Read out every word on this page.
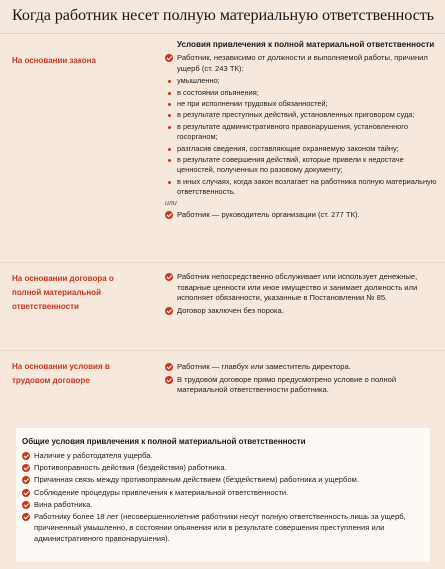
Когда работник несет полную материальную ответственность
Условия привлечения к полной материальной ответственности
На основании закона	Работник, независимо от должности и выполняемой работы, причинил ущерб (ст. 243 ТК):
умышленно;
в состоянии опьянения;
не при исполнении трудовых обязанностей;
в результате преступных действий, установленных приговором суда;
в результате административного правонарушения, установленного госорганом;
разгласив сведения, составляющие охраняемую законом тайну;
в результате совершения действий, которые привели к недостаче ценностей, полученных по разовому документу;
в иных случаях, когда закон возлагает на работника полную материальную ответственность.
или
Работник — руководитель организации (ст. 277 ТК).
На основании договора о полной материальной ответственности
Работник непосредственно обслуживает или использует денежные, товарные ценности или иное имущество и занимает должность или исполняет обязанности, указанные в Постановлении № 85.
Договор заключен без порока.
На основании условия в трудовом договоре
Работник — главбух или заместитель директора.
В трудовом договоре прямо предусмотрено условие о полной материальной ответственности работника.
Общие условия привлечения к полной материальной ответственности
Наличие у работодателя ущерба.
Противоправность действия (бездействия) работника.
Причинная связь между противоправным действием (бездействием) работника и ущербом.
Соблюдение процедуры привлечения к материальной ответственности.
Вина работника.
Работнику более 18 лет (несовершеннолетние работники несут полную ответственность лишь за ущерб, причиненный умышленно, в состоянии опьянения или в результате совершения преступления или административного правонарушения).
